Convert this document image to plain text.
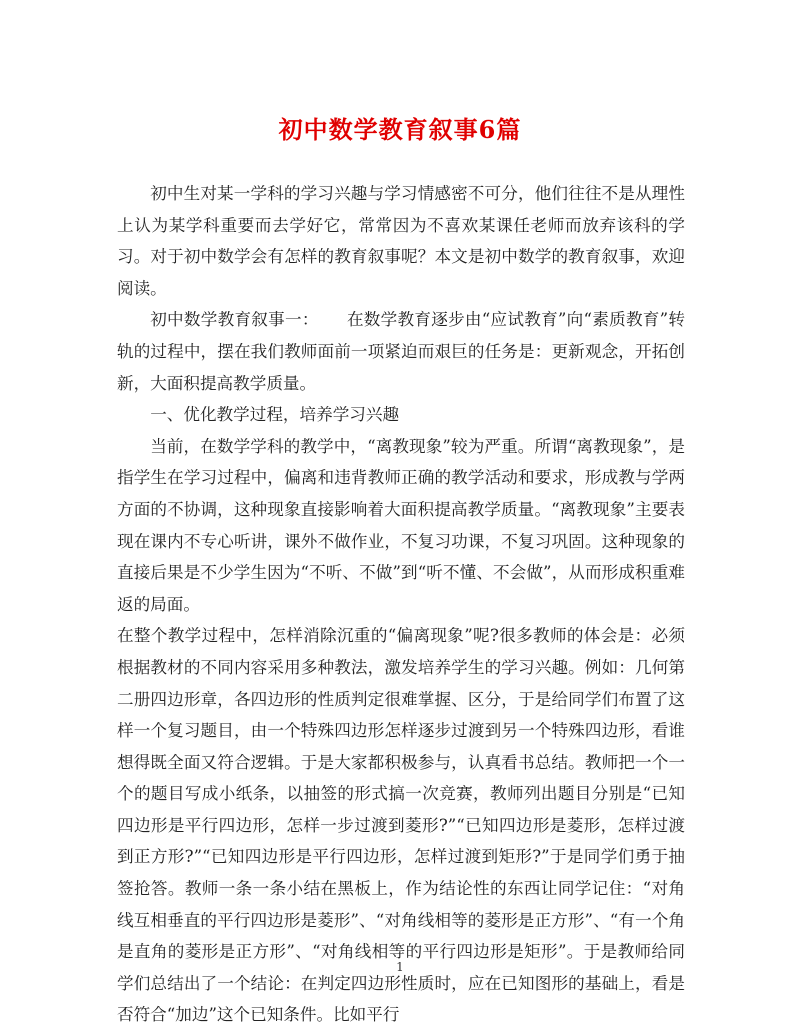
初中数学教育叙事6篇

初中生对某一学科的学习兴趣与学习情感密不可分，他们往往不是从理性上认为某学科重要而去学好它，常常因为不喜欢某课任老师而放弃该科的学习。对于初中数学会有怎样的教育叙事呢？本文是初中数学的教育叙事，欢迎阅读。

初中数学教育叙事一： 在数学教育逐步由“应试教育”向“素质教育”转轨的过程中，摆在我们教师面前一项紧迫而艰巨的任务是：更新观念，开拓创新，大面积提高教学质量。

一、优化教学过程，培养学习兴趣

当前，在数学学科的教学中，“离教现象”较为严重。所谓“离教现象”，是指学生在学习过程中，偏离和违背教师正确的教学活动和要求，形成教与学两方面的不协调，这种现象直接影响着大面积提高教学质量。“离教现象”主要表现在课内不专心听讲，课外不做作业，不复习功课，不复习巩固。这种现象的直接后果是不少学生因为“不听、不做”到“听不懂、不会做”，从而形成积重难返的局面。

在整个教学过程中，怎样消除沉重的“偏离现象”呢?很多教师的体会是：必须根据教材的不同内容采用多种教法，激发培养学生的学习兴趣。例如：几何第二册四边形章，各四边形的性质判定很难掌握、区分，于是给同学们布置了这样一个复习题目，由一个特殊四边形怎样逐步过渡到另一个特殊四边形，看谁想得既全面又符合逻辑。于是大家都积极参与，认真看书总结。教师把一个一个的题目写成小纸条，以抽签的形式搞一次竞赛，教师列出题目分别是“已知四边形是平行四边形，怎样一步过渡到菱形?”“已知四边形是菱形，怎样过渡到正方形?”“已知四边形是平行四边形，怎样过渡到矩形?”于是同学们勇于抽签抢答。教师一条一条小结在黑板上，作为结论性的东西让同学记住：“对角线互相垂直的平行四边形是菱形”、“对角线相等的菱形是正方形”、“有一个角是直角的菱形是正方形”、“对角线相等的平行四边形是矩形”。于是教师给同学们总结出了一个结论：在判定四边形性质时，应在已知图形的基础上，看是否符合“加边”这个已知条件。比如平行

1
